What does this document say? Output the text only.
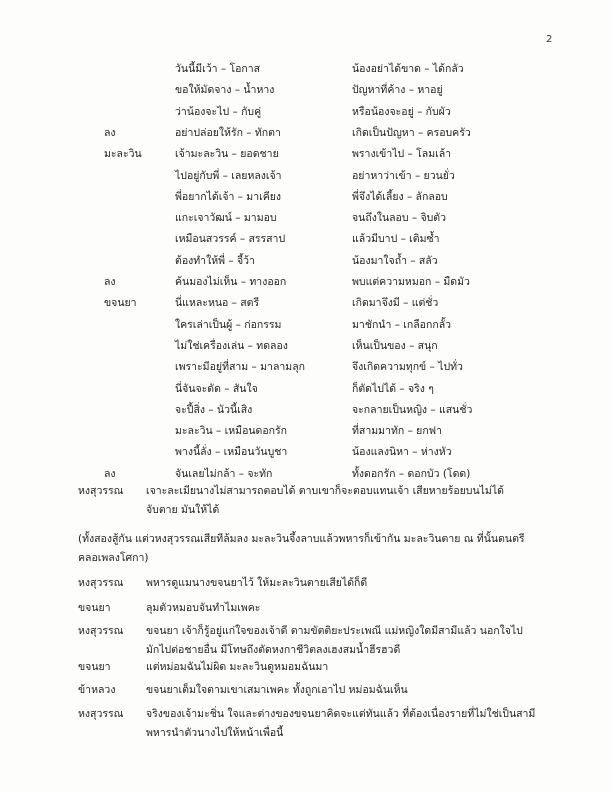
2
วันนี้มีเว้า – โอกาส	น้องอย่าได้ขาด – ได้กลัว
ขอให้มัดจาง – น้ำหาง	ปัญหาที่ค้าง – หาอยู่
ว่าน้องจะไป – กับคู่	หรือน้องจะอยู่ – กับผัว
ลง	อย่าปล่อยให้รัก – ทักตา	เกิดเป็นปัญหา – ครอบครัว
มะละวิน	เจ้ามะละวิน – ยอดชาย	พรางเข้าไป – โลมเล้า
ไปอยู่กับพี่ – เลยหลงเจ้า	อย่าหาว่าเข้า – ยวนยั่ว
พี่อยากได้เจ้า – มาเคียง	พี่จึงได้เลี้ยง – ลักลอบ
แกะเจาวัฒน์ – มามอบ	จนถึงในลอบ – จิบตัว
เหมือนสวรรค์ – สรรสาป	แล้วมีบาป – เติมซ้ำ
ต้องทำให้พี่ – จี้ว้า	น้องมาใจถ้ำ – สลัว
ลง	ค้นมองไม่เห็น – ทางออก	พบแต่ความหมอก – มืดมัว
ขจนยา	นี่แหละหนอ – สตรี	เกิดมาจึงมี – แต่ชั่ว
ใครเล่าเป็นผู้ – ก่อกรรม	มาชักนำ – เกลือกกลั้ว
ไม่ใช่เครื่องเล่น – ทดลอง	เห็นเป็นของ – สนุก
เพราะมีอยู่ที่สาม – มาลามลุก	จึงเกิดความทุกข์ – ไปทั่ว
นี่จันจะดัด – สันใจ	ก็ตัดไปได้ – จริง ๆ
จะปี้สิ่ง – นัวนี้เสิง	จะกลายเป็นหญิง – แสนชั่ว
มะละวิน – เหมือนดอกรัก	ที่สามมาทัก – ยกฟา
พางนี้ลั่ง – เหมือนวันบูชา	น้องแลงนิหา – ห่างหัว
ลง	จันเลยไม่กล้า – จะทัก	ทั้งดอกรัก – ดอกบัว (โดด)
หงสุวรรณ เจาะละเมียนางไม่สามารถตอบได้ ตาบเขาก็จะตอบแทนเจ้า เสียหายร้อยบนไม่ได้ จับตาย มันให้ได้
(ทั้งสองสู้กัน แต่วหงสุวรรณเสียทีล้มลง มะละวินจึ้งลาบแล้วพหารก็เข้ากัน มะละวินตาย ณ ที่นั้นดนตรี คลอเพลงโศกา)
หงสุวรรณ พหารดูแมนางขจนยาไว้ ให้มะละวินตายเสียได้ก็ดี
ขจนยา	ลุมตัวหมอบจันทำไมเพคะ
หงสุวรรณ ขจนยา เจ้าก็รู้อยู่แก่ใจของเจ้าดี ตามขัตติยะประเพณี แม่หญิงใดมีสามีแล้ว นอกใจไป มักไปต่อชายอื่น มีโทษถึงตัดหงกาชีวิตลงเฮงสมน้ำฮีรฮวดี
ขจนยา	แต่หม่อมฉันไม่ผิด มะละวินดูหมอมฉันมา
ข้าหลวง	ขจนยาเต็มใจตามเขาเสมาเพคะ ทั้งถูกเอาไป หม่อมฉันเห็น
หงสุวรรณ จริงของเจ้ามะชิ่น ใจและต่างของขจนยาคิดจะแต่ทันแล้ว ที่ต้องเนื่องรายที่ไม่ใช่เป็นสามี พหารนำตัวนางไปให้หน้าเพื่อนี้
